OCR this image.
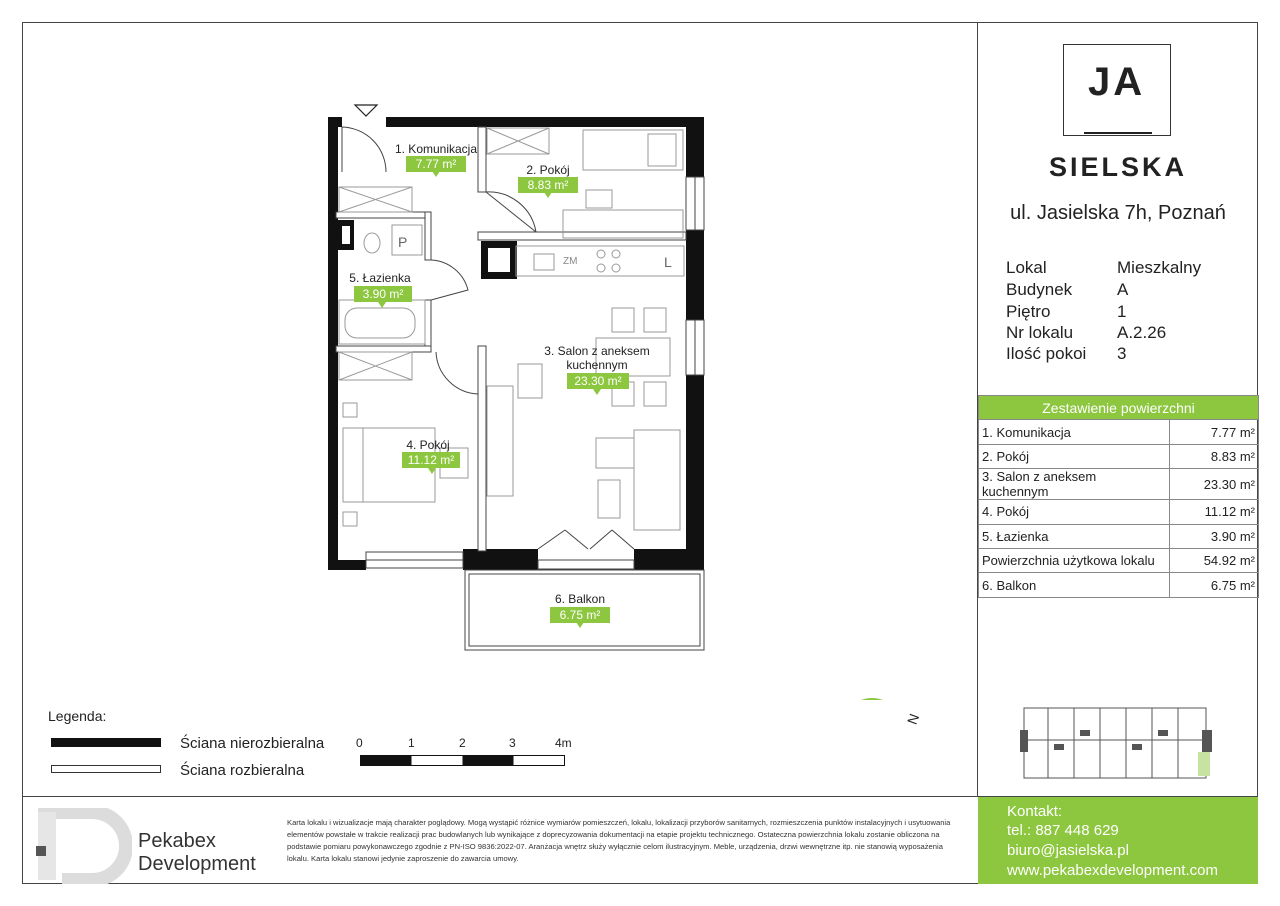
JA
SIELSKA
ul. Jasielska 7h, Poznań
Lokal	Mieszkalny
Budynek	A
Piętro	1
Nr lokalu	A.2.26
Ilość pokoi 3
Zestawienie powierzchni	
1. Komunikacja	7.77 m²
2. Pokój	8.83 m²
3. Salon z aneksem kuchennym	23.30 m²
4. Pokój	11.12 m²
5. Łazienka	3.90 m²
Powierzchnia użytkowa lokalu	54.92 m²
6. Balkon	6.75 m²
P
ZM	L
1. Komunikacja
7.77 m²	2. Pokój
8.83 m²
5. Łazienka
3.90 m²
3. Salon z aneksem
kuchennym
23.30 m²
4. Pokój
11.12 m²
6. Balkon
6.75 m²
N
Legenda:
Ściana nierozbieralna
Ściana rozbieralna
0	1	2	3	4m
Pekabex
Development
Karta lokalu i wizualizacje mają charakter poglądowy. Mogą wystąpić różnice wymiarów pomieszczeń, lokalu, lokalizacji przyborów sanitarnych, rozmieszczenia punktów instalacyjnych i usytuowania elementów powstałe w trakcie realizacji prac budowlanych lub wynikające z doprecyzowania dokumentacji na etapie projektu technicznego. Ostateczna powierzchnia lokalu zostanie obliczona na podstawie pomiaru powykonawczego zgodnie z PN-ISO 9836:2022-07. Aranżacja wnętrz służy wyłącznie celom ilustracyjnym. Meble, urządzenia, drzwi wewnętrzne itp. nie stanowią wyposażenia lokalu. Karta lokalu stanowi jedynie zaproszenie do zawarcia umowy.
Kontakt:
tel.: 887 448 629
biuro@jasielska.pl
www.pekabexdevelopment.com
